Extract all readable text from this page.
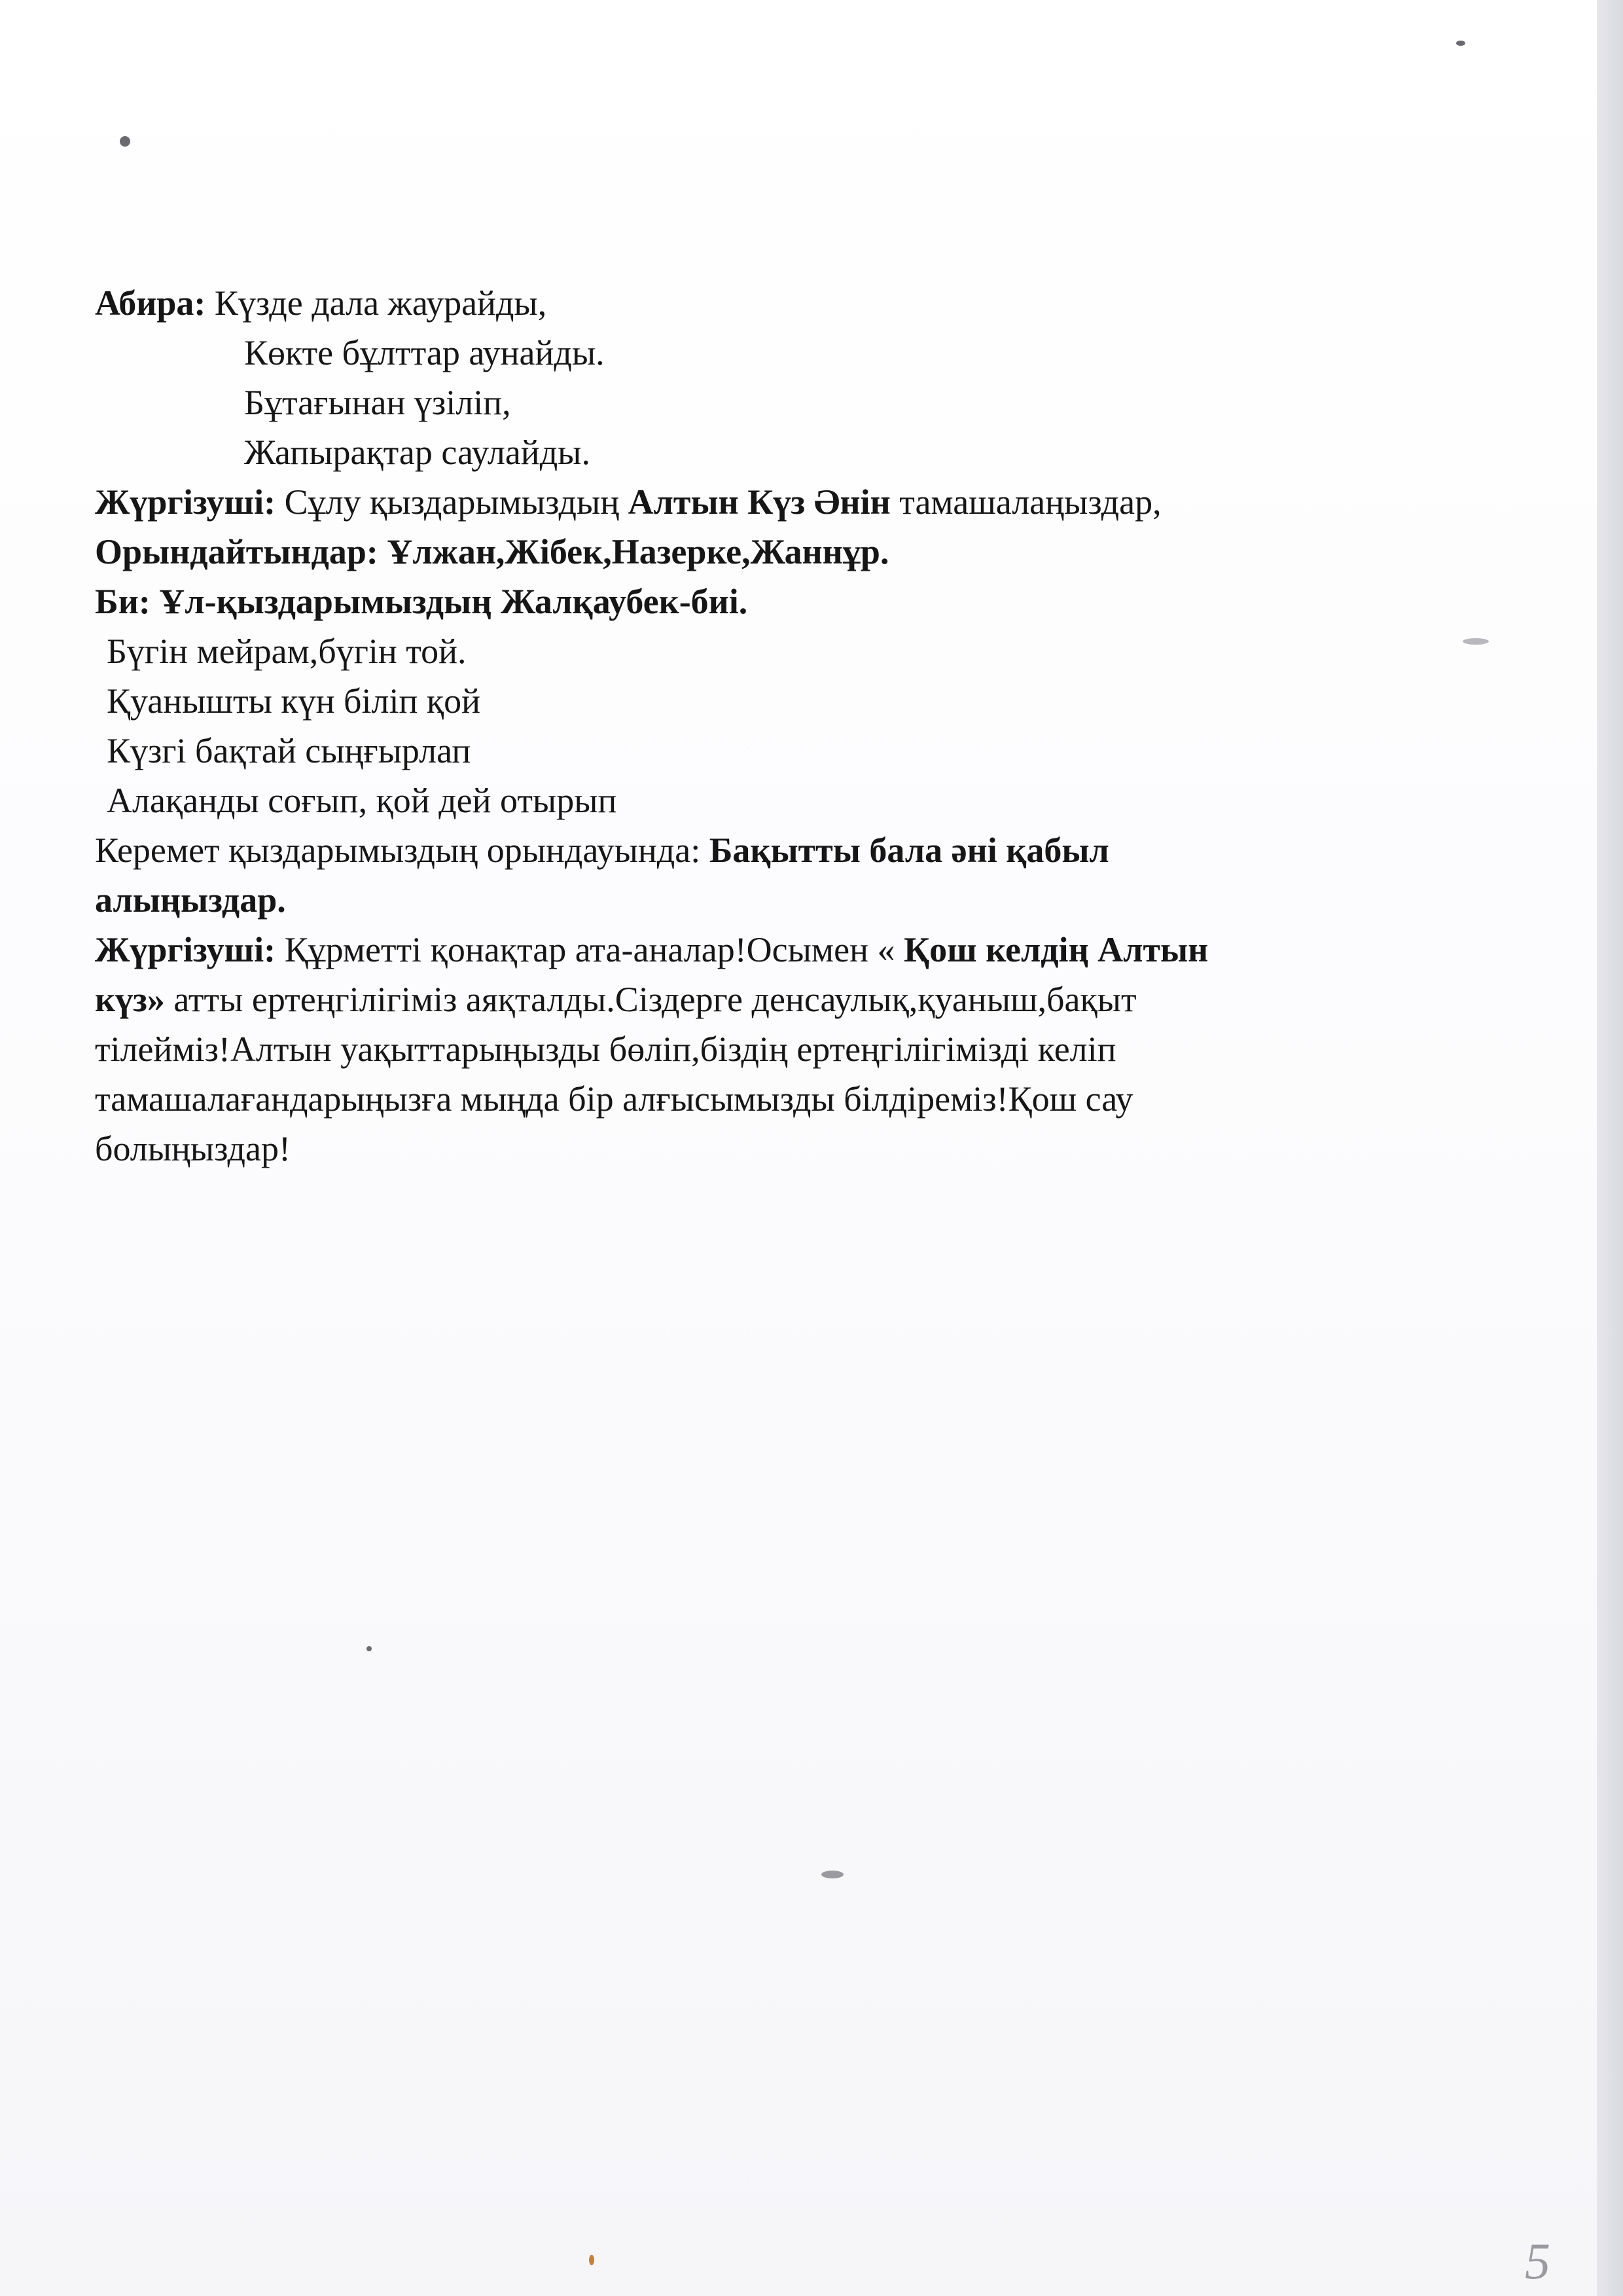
Абира: Күзде дала жаурайды,
Көкте бұлттар аунайды.
Бұтағынан үзіліп,
Жапырақтар саулайды.
Жүргізуші: Сұлу қыздарымыздың Алтын Күз Әнін тамашалаңыздар,
Орындайтындар: Ұлжан,Жібек,Назерке,Жаннұр.
Би: Ұл-қыздарымыздың Жалқаубек-биі.
Бүгін мейрам,бүгін той.
Қуанышты күн біліп қой
Күзгі бақтай сыңғырлап
Алақанды соғып, қой дей отырып
Керемет қыздарымыздың орындауында: Бақытты бала әні қабыл
алыңыздар.
Жүргізуші: Құрметті қонақтар ата-аналар!Осымен « Қош келдің Алтын
күз» атты ертеңгілігіміз аяқталды.Сіздерге денсаулық,қуаныш,бақыт
тілейміз!Алтын уақыттарыңызды бөліп,біздің ертеңгілігімізді келіп
тамашалағандарыңызға мыңда бір алғысымызды білдіреміз!Қош сау
болыңыздар!
5
